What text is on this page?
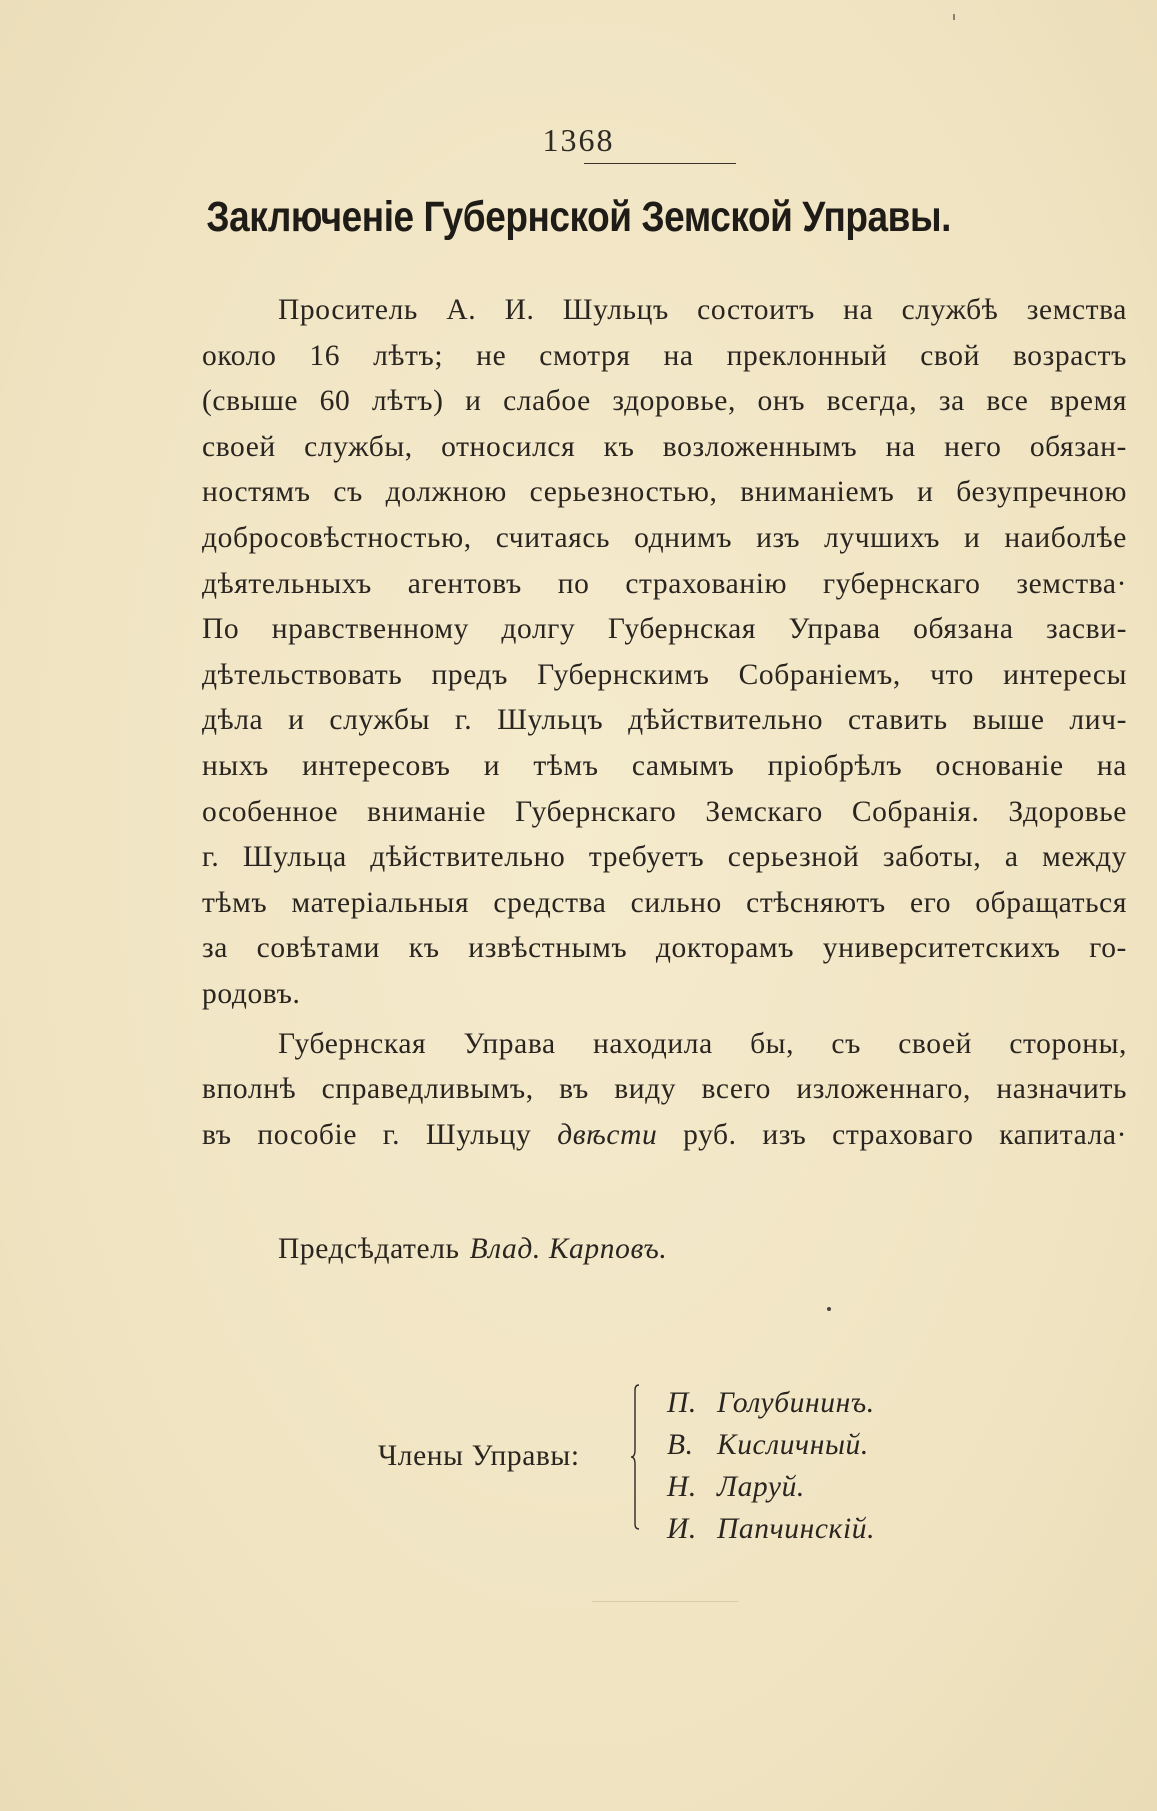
1368
Заключеніе Губернской Земской Управы.
Проситель А. И. Шульцъ состоитъ на службѣ земства
около 16 лѣтъ; не смотря на преклонный свой возрастъ
(свыше 60 лѣтъ) и слабое здоровье, онъ всегда, за все время
своей службы, относился къ возложеннымъ на него обязан-
ностямъ съ должною серьезностью, вниманіемъ и безупречною
добросовѣстностью, считаясь однимъ изъ лучшихъ и наиболѣе
дѣятельныхъ агентовъ по страхованію губернскаго земства·
По нравственному долгу Губернская Управа обязана засви-
дѣтельствовать предъ Губернскимъ Собраніемъ, что интересы
дѣла и службы г. Шульцъ дѣйствительно ставить выше лич-
ныхъ интересовъ и тѣмъ самымъ пріобрѣлъ основаніе на
особенное вниманіе Губернскаго Земскаго Собранія. Здоровье
г. Шульца дѣйствительно требуетъ серьезной заботы, а между
тѣмъ матеріальныя средства сильно стѣсняютъ его обращаться
за совѣтами къ извѣстнымъ докторамъ университетскихъ го-
родовъ.
Губернская Управа находила бы, съ своей стороны,
вполнѣ справедливымъ, въ виду всего изложеннаго, назначить
въ пособіе г. Шульцу двѣсти руб. изъ страховаго капитала·
Предсѣдатель Влад. Карповъ.
Члены Управы:
П. Голубининъ.
В. Кисличный.
Н. Ларуй.
И. Папчинскій.
